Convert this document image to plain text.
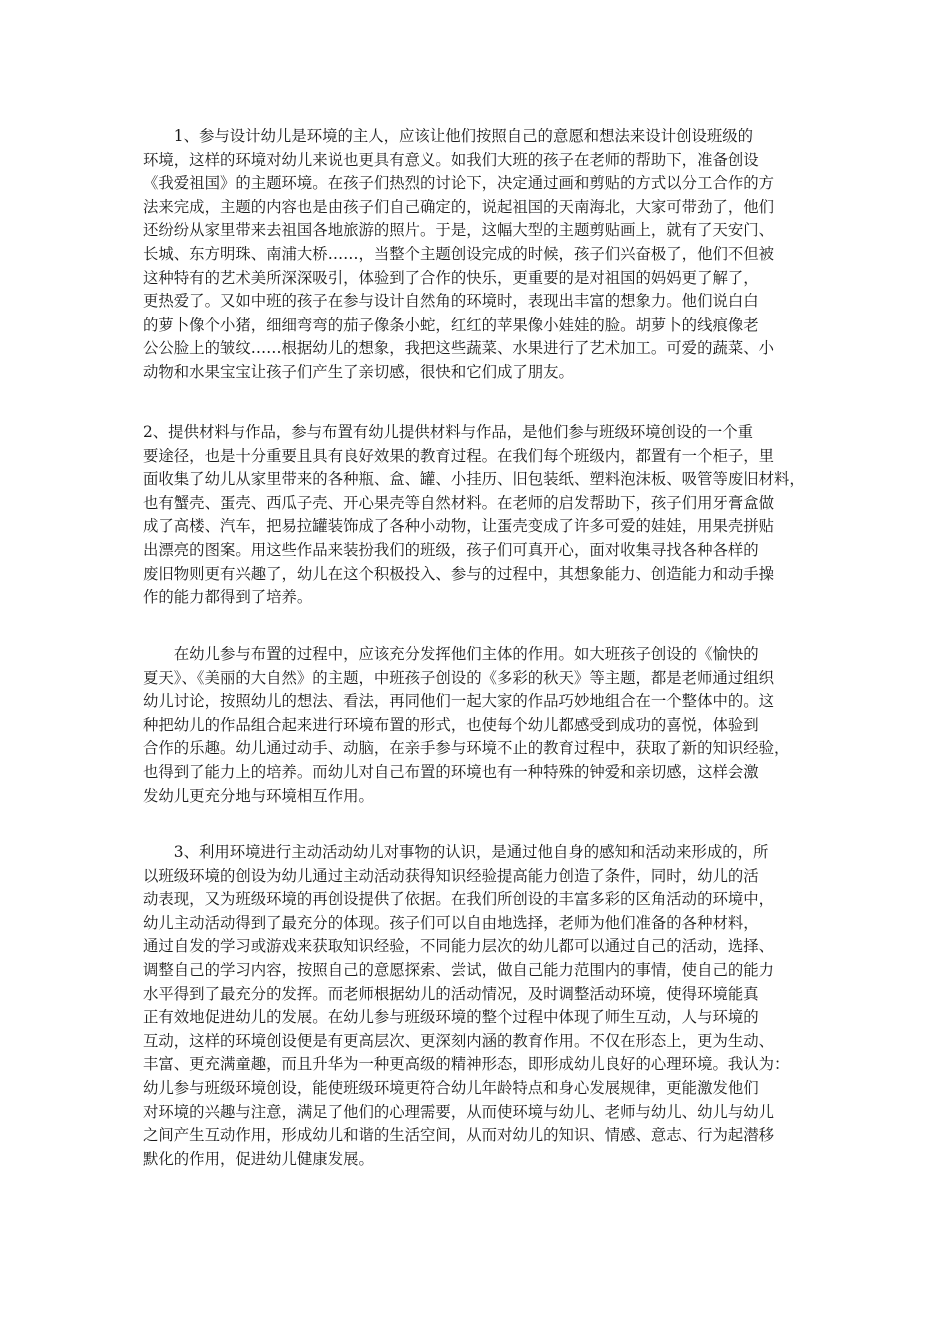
　　1、参与设计幼儿是环境的主人，应该让他们按照自己的意愿和想法来设计创设班级的
环境，这样的环境对幼儿来说也更具有意义。如我们大班的孩子在老师的帮助下，准备创设
《我爱祖国》的主题环境。在孩子们热烈的讨论下，决定通过画和剪贴的方式以分工合作的方
法来完成，主题的内容也是由孩子们自己确定的，说起祖国的天南海北，大家可带劲了，他们
还纷纷从家里带来去祖国各地旅游的照片。于是，这幅大型的主题剪贴画上，就有了天安门、
长城、东方明珠、南浦大桥……，当整个主题创设完成的时候，孩子们兴奋极了，他们不但被
这种特有的艺术美所深深吸引，体验到了合作的快乐，更重要的是对祖国的妈妈更了解了，
更热爱了。又如中班的孩子在参与设计自然角的环境时，表现出丰富的想象力。他们说白白
的萝卜像个小猪，细细弯弯的茄子像条小蛇，红红的苹果像小娃娃的脸。胡萝卜的线痕像老
公公脸上的皱纹……根据幼儿的想象，我把这些蔬菜、水果进行了艺术加工。可爱的蔬菜、小
动物和水果宝宝让孩子们产生了亲切感，很快和它们成了朋友。
2、提供材料与作品，参与布置有幼儿提供材料与作品，是他们参与班级环境创设的一个重
要途径，也是十分重要且具有良好效果的教育过程。在我们每个班级内，都置有一个柜子，里
面收集了幼儿从家里带来的各种瓶、盒、罐、小挂历、旧包装纸、塑料泡沫板、吸管等废旧材料，
也有蟹壳、蛋壳、西瓜子壳、开心果壳等自然材料。在老师的启发帮助下，孩子们用牙膏盒做
成了高楼、汽车，把易拉罐装饰成了各种小动物，让蛋壳变成了许多可爱的娃娃，用果壳拼贴
出漂亮的图案。用这些作品来装扮我们的班级，孩子们可真开心，面对收集寻找各种各样的
废旧物则更有兴趣了，幼儿在这个积极投入、参与的过程中，其想象能力、创造能力和动手操
作的能力都得到了培养。
　　在幼儿参与布置的过程中，应该充分发挥他们主体的作用。如大班孩子创设的《愉快的
夏天》、《美丽的大自然》的主题，中班孩子创设的《多彩的秋天》等主题，都是老师通过组织
幼儿讨论，按照幼儿的想法、看法，再同他们一起大家的作品巧妙地组合在一个整体中的。这
种把幼儿的作品组合起来进行环境布置的形式，也使每个幼儿都感受到成功的喜悦，体验到
合作的乐趣。幼儿通过动手、动脑，在亲手参与环境不止的教育过程中，获取了新的知识经验，
也得到了能力上的培养。而幼儿对自己布置的环境也有一种特殊的钟爱和亲切感，这样会激
发幼儿更充分地与环境相互作用。
　　3、利用环境进行主动活动幼儿对事物的认识，是通过他自身的感知和活动来形成的，所
以班级环境的创设为幼儿通过主动活动获得知识经验提高能力创造了条件，同时，幼儿的活
动表现，又为班级环境的再创设提供了依据。在我们所创设的丰富多彩的区角活动的环境中，
幼儿主动活动得到了最充分的体现。孩子们可以自由地选择，老师为他们准备的各种材料，
通过自发的学习或游戏来获取知识经验，不同能力层次的幼儿都可以通过自己的活动，选择、
调整自己的学习内容，按照自己的意愿探索、尝试，做自己能力范围内的事情，使自己的能力
水平得到了最充分的发挥。而老师根据幼儿的活动情况，及时调整活动环境，使得环境能真
正有效地促进幼儿的发展。在幼儿参与班级环境的整个过程中体现了师生互动，人与环境的
互动，这样的环境创设便是有更高层次、更深刻内涵的教育作用。不仅在形态上，更为生动、
丰富、更充满童趣，而且升华为一种更高级的精神形态，即形成幼儿良好的心理环境。我认为：
幼儿参与班级环境创设，能使班级环境更符合幼儿年龄特点和身心发展规律，更能激发他们
对环境的兴趣与注意，满足了他们的心理需要，从而使环境与幼儿、老师与幼儿、幼儿与幼儿
之间产生互动作用，形成幼儿和谐的生活空间，从而对幼儿的知识、情感、意志、行为起潜移
默化的作用，促进幼儿健康发展。
